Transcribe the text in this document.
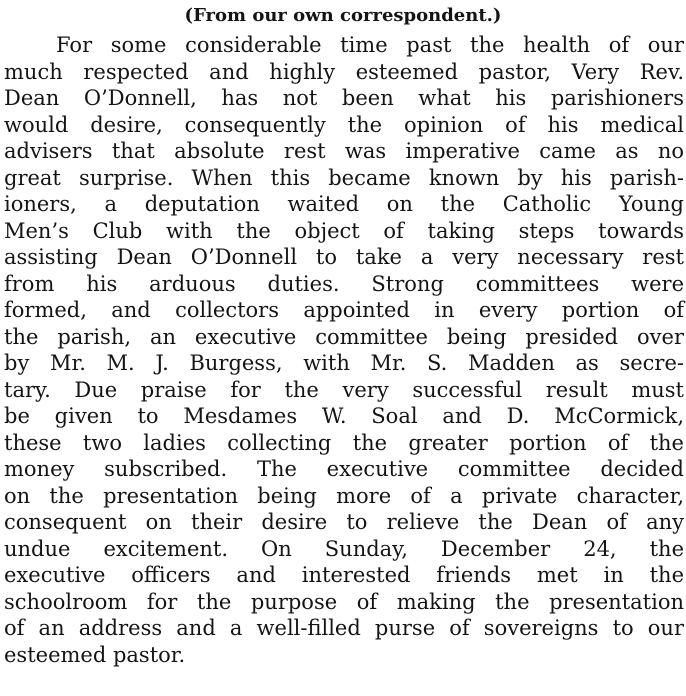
(From our own correspondent.)
For some considerable time past the health of our
much respected and highly esteemed pastor, Very Rev.
Dean O’Donnell, has not been what his parishioners
would desire, consequently the opinion of his medical
advisers that absolute rest was imperative came as no
great surprise. When this became known by his parish-
ioners, a deputation waited on the Catholic Young
Men’s Club with the object of taking steps towards
assisting Dean O’Donnell to take a very necessary rest
from his arduous duties. Strong committees were
formed, and collectors appointed in every portion of
the parish, an executive committee being presided over
by Mr. M. J. Burgess, with Mr. S. Madden as secre-
tary. Due praise for the very successful result must
be given to Mesdames W. Soal and D. McCormick,
these two ladies collecting the greater portion of the
money subscribed. The executive committee decided
on the presentation being more of a private character,
consequent on their desire to relieve the Dean of any
undue excitement. On Sunday, December 24, the
executive officers and interested friends met in the
schoolroom for the purpose of making the presentation
of an address and a well-filled purse of sovereigns to our
esteemed pastor.
